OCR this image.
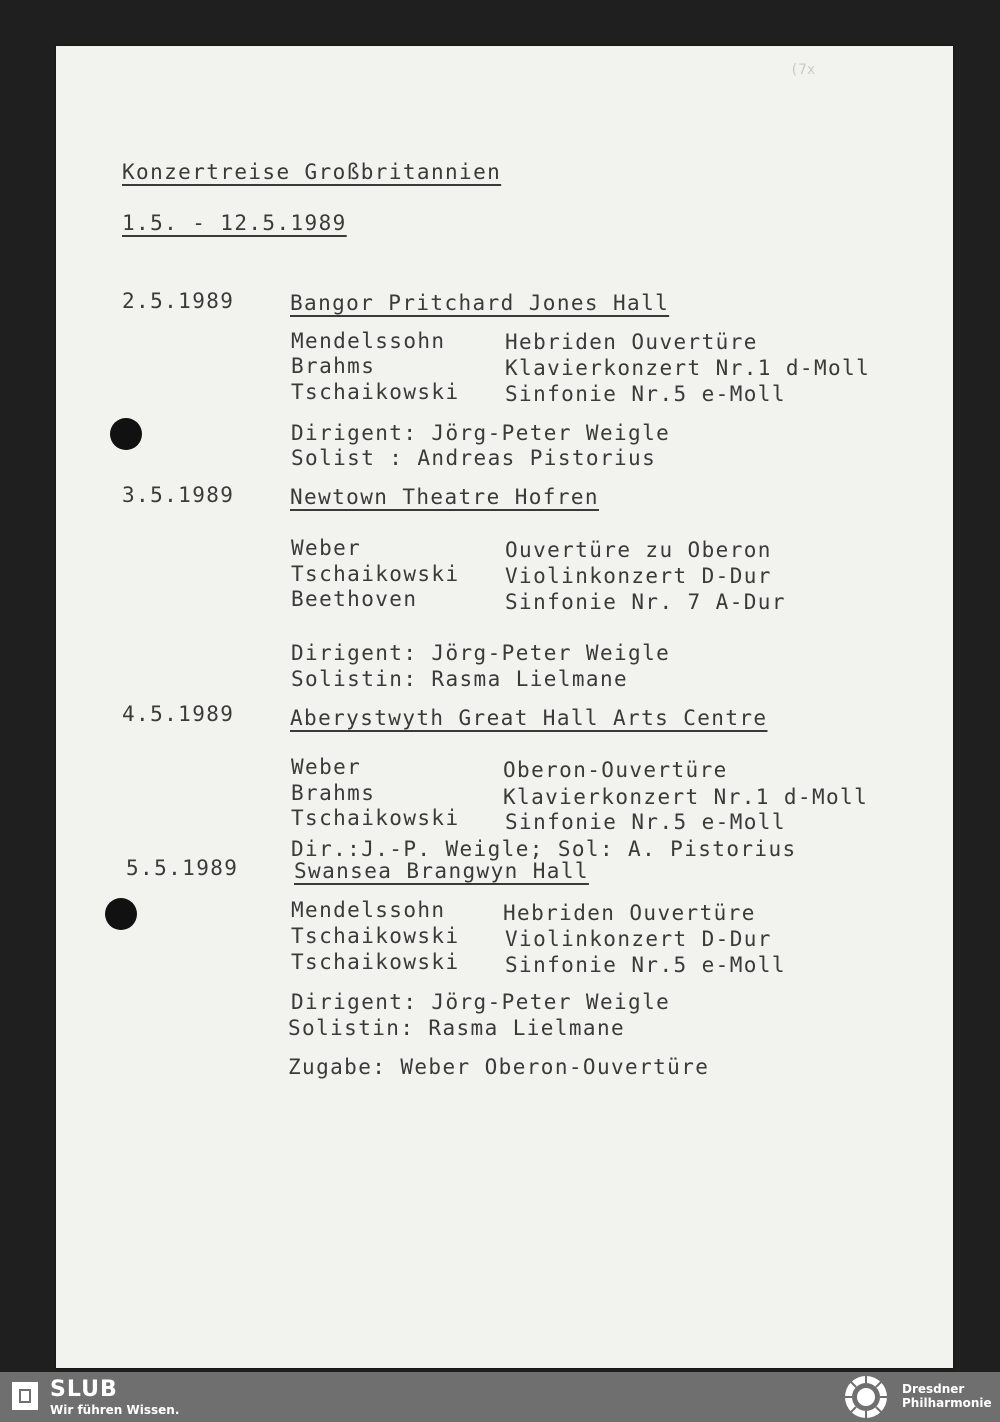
(7x
Konzertreise Großbritannien
1.5. - 12.5.1989
2.5.1989	Bangor Pritchard Jones Hall
Mendelssohn	Hebriden Ouvertüre
Brahms	Klavierkonzert Nr.1 d-Moll
Tschaikowski Sinfonie Nr.5 e-Moll
Dirigent: Jörg-Peter Weigle
Solist : Andreas Pistorius
3.5.1989	Newtown Theatre Hofren
Weber	Ouvertüre zu Oberon
Tschaikowski Violinkonzert D-Dur
Beethoven	Sinfonie Nr. 7 A-Dur
Dirigent: Jörg-Peter Weigle
Solistin: Rasma Lielmane
4.5.1989	Aberystwyth Great Hall Arts Centre
Weber	Oberon-Ouvertüre
Brahms	Klavierkonzert Nr.1 d-Moll
Tschaikowski Sinfonie Nr.5 e-Moll
Dir.:J.-P. Weigle; Sol: A. Pistorius
5.5.1989	Swansea Brangwyn Hall
Mendelssohn	Hebriden Ouvertüre
Tschaikowski Violinkonzert D-Dur
Tschaikowski Sinfonie Nr.5 e-Moll
Dirigent: Jörg-Peter Weigle
Solistin: Rasma Lielmane
Zugabe: Weber Oberon-Ouvertüre
SLUB
Wir führen Wissen.
Dresdner
Philharmonie
